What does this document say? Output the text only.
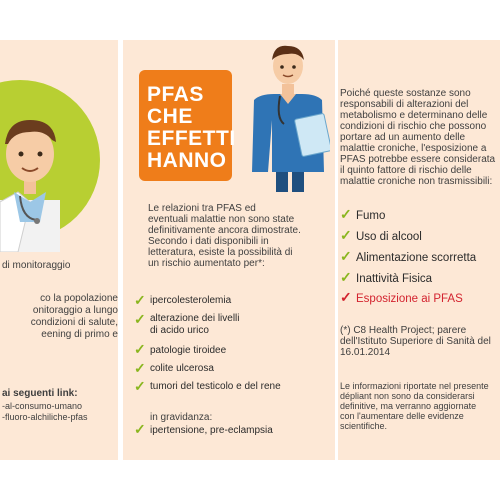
di monitoraggio
co la popolazione
onitoraggio a lungo
condizioni di salute,
eening di primo e
ai seguenti link:
-al-consumo-umano
-fluoro-alchiliche-pfas
PFAS
CHE
EFFETTI
HANNO
Le relazioni tra PFAS ed
eventuali malattie non sono state
definitivamente ancora dimostrate.
Secondo i dati disponibili in
letteratura, esiste la possibilità di
un rischio aumentato per*:
✓ ipercolesterolemia
✓ alterazione dei livelli
di acido urico
✓ patologie tiroidee
✓ colite ulcerosa
✓ tumori del testicolo e del rene
in gravidanza:
✓ ipertensione, pre-eclampsia
Poiché queste sostanze sono
responsabili di alterazioni del
metabolismo e determinano delle
condizioni di rischio che possono
portare ad un aumento delle
malattie croniche, l'esposizione a
PFAS potrebbe essere considerata
il quinto fattore di rischio delle
malattie croniche non trasmissibili:
✓ Fumo
✓ Uso di alcool
✓ Alimentazione scorretta
✓ Inattività Fisica
✓ Esposizione ai PFAS
(*) C8 Health Project; parere
dell'Istituto Superiore di Sanità del
16.01.2014
Le informazioni riportate nel presente
dépliant non sono da considerarsi
definitive, ma verranno aggiornate
con l'aumentare delle evidenze
scientifiche.
